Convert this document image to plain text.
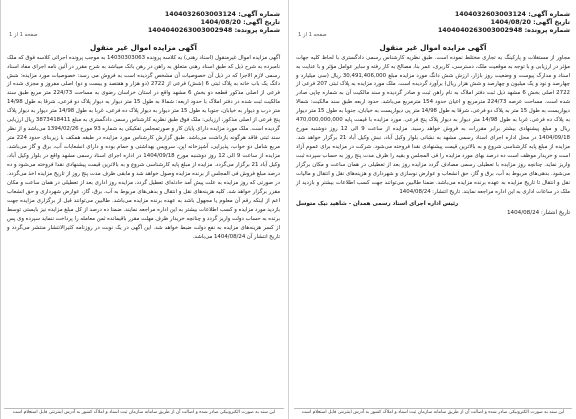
شماره آگهی: 1404032603003124
تاریخ آگهی: 1404/08/20
شماره پرونده: 1404040263003002948
صفحه 1 از 1
آگهی مزایده اموال غیر منقول
آگهی مزایده اموال غیرمنقول (اسناد رهنی) به کلاسه پرونده 14030303063 به موجب پرونده اجرائی کلاسه فوق که ملک نامبرده به شرح ذیل که طبق اسناد رهنی متعلق به راهن در رهن بانک میباشد به شرح مقرر در آئین نامه اجرای مفاد اسناد رسمی لازم الاجرا که در ذیل آن خصوصیات آن مشخص گردیده است به فروش می رسد: خصوصیات مورد مزایده: شش دانگ یک باب خانه به پلاک ثبتی 6 (شش) فرعی از 2722 (دو هزار و هفتصد و بیست و دو) اصلی مفروز و مجزی شده از فرعی از اصلی مذکور قطعه دو بخش 6 مشهد واقع در استان خراسان رضوی به مساحت 224/73 متر مربع طبق سند مالکیت ثبت شده در دفتر املاک با حدود اربعه: شمالا به طول 15 متر دیوار به دیوار پلاک دو فرعی، شرقا به طول 14/98 متر درب و دیوار به خیابان، جنوبا به طول 15 متر دیوار به دیوار پلاک ده فرعی، غربا به طول 14/98 متر دیوار به دیوار پلاک پنج فرعی از اصلی مذکور، ارزیابی: ملک فوق طبق نظریه کارشناس رسمی دادگستری به مبلغ 3873418411 ریال ارزیابی گردیده است. ملک مورد مزایده دارای پایان کار و صورتمجلس تفکیکی به شماره 93 مورخ 1394/02/26 می‌باشد و از نظر سند ثبتی فاقد هرگونه بازداشت می‌باشد. طبق گزارش کارشناس مورد مزایده در طبقه همکف با زیربنای حدود 224 متر مربع شامل دو خواب، پذیرایی، آشپزخانه اپن، سرویس بهداشتی و حمام بوده و دارای انشعابات آب، برق و گاز می‌باشد. مزایده از ساعت 9 الی 12 روز دوشنبه مورخ 1404/09/18 در اداره اجرای اسناد رسمی مشهد واقع در بلوار وکیل آباد، وکیل آباد 21 برگزار می‌گردد. مزایده از مبلغ پایه کارشناسی شروع و به بالاترین قیمت پیشنهادی نقدا فروخته می‌شود و ده درصد مبلغ فروش فی المجلس از برنده مزایده وصول خواهد شد و مابقی ظرف مدت پنج روز از تاریخ مزایده اخذ می‌گردد. در صورتی که روز مزایده به علت پیش آمد حادثه‌ای تعطیل گردد، مزایده روز اداری بعد از تعطیلی در همان ساعت و مکان مقرر برگزار خواهد شد. کلیه هزینه‌های نقل و انتقال و بدهی‌های مربوط به آب، برق، گاز، عوارض شهرداری و حق انشعاب اعم از اینکه رقم آن معلوم یا مجهول باشد به عهده برنده مزایده می‌باشد. طالبین می‌توانند قبل از برگزاری مزایده جهت بازدید مورد مزایده و کسب اطلاعات بیشتر به این اداره مراجعه نمایند. ضمنا ده درصد از کل مبلغ مزایده نیز بایستی توسط برنده به حساب دولت واریز گردد و چنانچه خریدار ظرف مهلت مقرر باقیمانده ثمن معامله را پرداخت ننماید سپرده وی پس از کسر هزینه‌های مزایده به نفع دولت ضبط خواهد شد. این آگهی در یک نوبت در روزنامه کثیرالانتشار منتشر می‌گردد و تاریخ انتشار آن 1404/08/24 می‌باشد.
این سند به صورت الکترونیکی صادر شده و اصالت آن از طریق سامانه سازمان ثبت اسناد و املاک کشور به آدرس اینترنتی قابل استعلام است
شماره آگهی: 1404032603003124
تاریخ آگهی: 1404/08/20
شماره پرونده: 1404040263003002948
صفحه 1 از 1
آگهی مزایده اموال غیر منقول
مجاور از مستغلات و پارکینگ به تجاری مختلط نموده است. طبق نظریه کارشناس رسمی دادگستری با لحاظ کلیه جهات مؤثر در ارزیابی و با توجه به موقعیت ملک، دسترسی، کاربری، عمر بنا، مصالح به کار رفته و سایر عوامل مؤثر و با عنایت به اسناد و مدارک پیوست و وضعیت روز بازار، ارزش شش دانگ مورد مزایده مبلغ 30,491,406,000 ریال (سی میلیارد و چهارصد و نود و یک میلیون و چهارصد و شش هزار ریال) برآورد گردیده است. ملک مورد مزایده به پلاک ثبتی 207 فرعی از 2722 اصلی بخش 6 مشهد ذیل ثبت دفتر املاک به نام راهن ثبت و صادر گردیده و سند مالکیت آن به شماره چاپی صادر شده است. مساحت عرصه 224/73 مترمربع و اعیان حدود 154 مترمربع می‌باشد. حدود اربعه طبق سند مالکیت: شمالا دیواریست به طول 15 متر به پلاک دو فرعی، شرقا به طول 14/98 متر پی دیواریست به خیابان، جنوبا به طول 15 متر دیوار به پلاک ده فرعی، غربا به طول 14/98 متر دیوار به دیوار پلاک پنج فرعی. مورد مزایده با قیمت پایه 470,000,000,000 ریال و مبلغ پیشنهادی بیشتر برابر مقررات به فروش خواهد رسید. مزایده از ساعت 9 الی 12 روز دوشنبه مورخ 1404/09/18 در محل اداره اجرای اسناد رسمی مشهد به نشانی بلوار وکیل آباد، نبش وکیل آباد 21 برگزار خواهد شد. مزایده از مبلغ پایه کارشناسی شروع و به بالاترین قیمت پیشنهادی نقدا فروخته می‌شود. شرکت در مزایده برای عموم آزاد است و خریدار موظف است ده درصد بهای مورد مزایده را فی المجلس و بقیه را ظرف مدت پنج روز به حساب سپرده ثبت واریز نماید. چنانچه روز مزایده با تعطیلی رسمی مصادف گردد مزایده روز بعد از تعطیلی در همان ساعت و مکان برگزار می‌شود. بدهی‌های مربوط به آب، برق و گاز، حق انشعاب و عوارض نوسازی و شهرداری و هزینه‌های نقل و انتقال و مالیات نقل و انتقال تا تاریخ مزایده به عهده برنده مزایده می‌باشد. ضمنا طالبین می‌توانند جهت کسب اطلاعات بیشتر و بازدید از ملک در ساعات اداری به این اداره مراجعه نمایند. تاریخ انتشار: 1404/08/24
رئیس اداره اجرای اسناد رسمی همدان - شاهید نیک متوسل
تاریخ انتشار: 1404/08/24
این سند به صورت الکترونیکی صادر شده و اصالت آن از طریق سامانه سازمان ثبت اسناد و املاک کشور به آدرس اینترنتی قابل استعلام است
